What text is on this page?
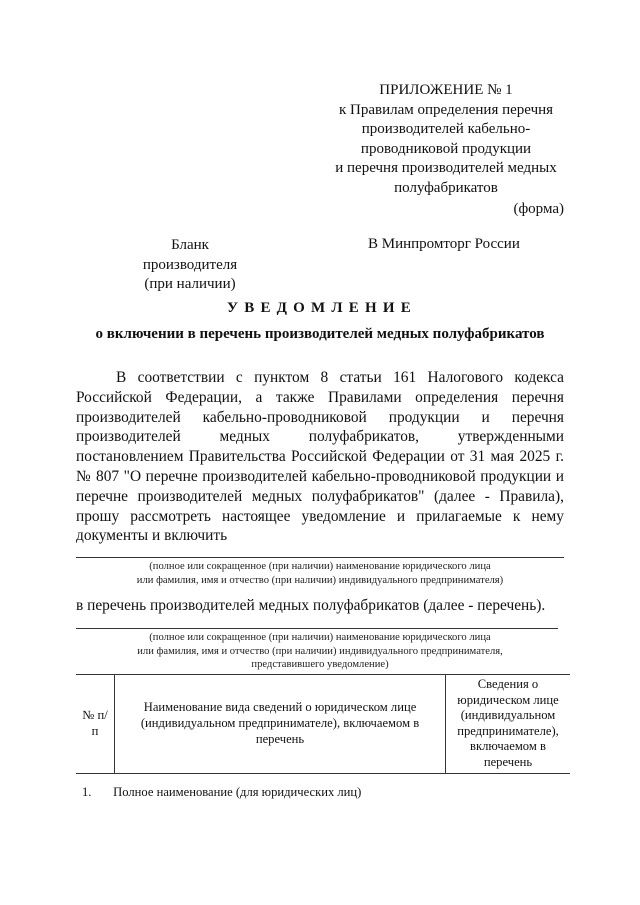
ПРИЛОЖЕНИЕ № 1
к Правилам определения перечня
производителей кабельно-
проводниковой продукции
и перечня производителей медных
полуфабрикатов
(форма)
Бланк производителя
(при наличии)
В Минпромторг России
УВЕДОМЛЕНИЕ
о включении в перечень производителей медных полуфабрикатов
В соответствии с пунктом 8 статьи 161 Налогового кодекса Российской Федерации, а также Правилами определения перечня производителей кабельно-проводниковой продукции и перечня производителей медных полуфабрикатов, утвержденными постановлением Правительства Российской Федерации от 31 мая 2025 г. № 807 "О перечне производителей кабельно-проводниковой продукции и перечне производителей медных полуфабрикатов" (далее - Правила), прошу рассмотреть настоящее уведомление и прилагаемые к нему документы и включить
(полное или сокращенное (при наличии) наименование юридического лица
или фамилия, имя и отчество (при наличии) индивидуального предпринимателя)
в перечень производителей медных полуфабрикатов (далее - перечень).
(полное или сокращенное (при наличии) наименование юридического лица
или фамилия, имя и отчество (при наличии) индивидуального предпринимателя,
представившего уведомление)
№ п/п	Наименование вида сведений о юридическом лице (индивидуальном предпринимателе), включаемом в перечень	Сведения о юридическом лице (индивидуальном предпринимателе), включаемом в перечень
1. Полное наименование (для юридических лиц)
